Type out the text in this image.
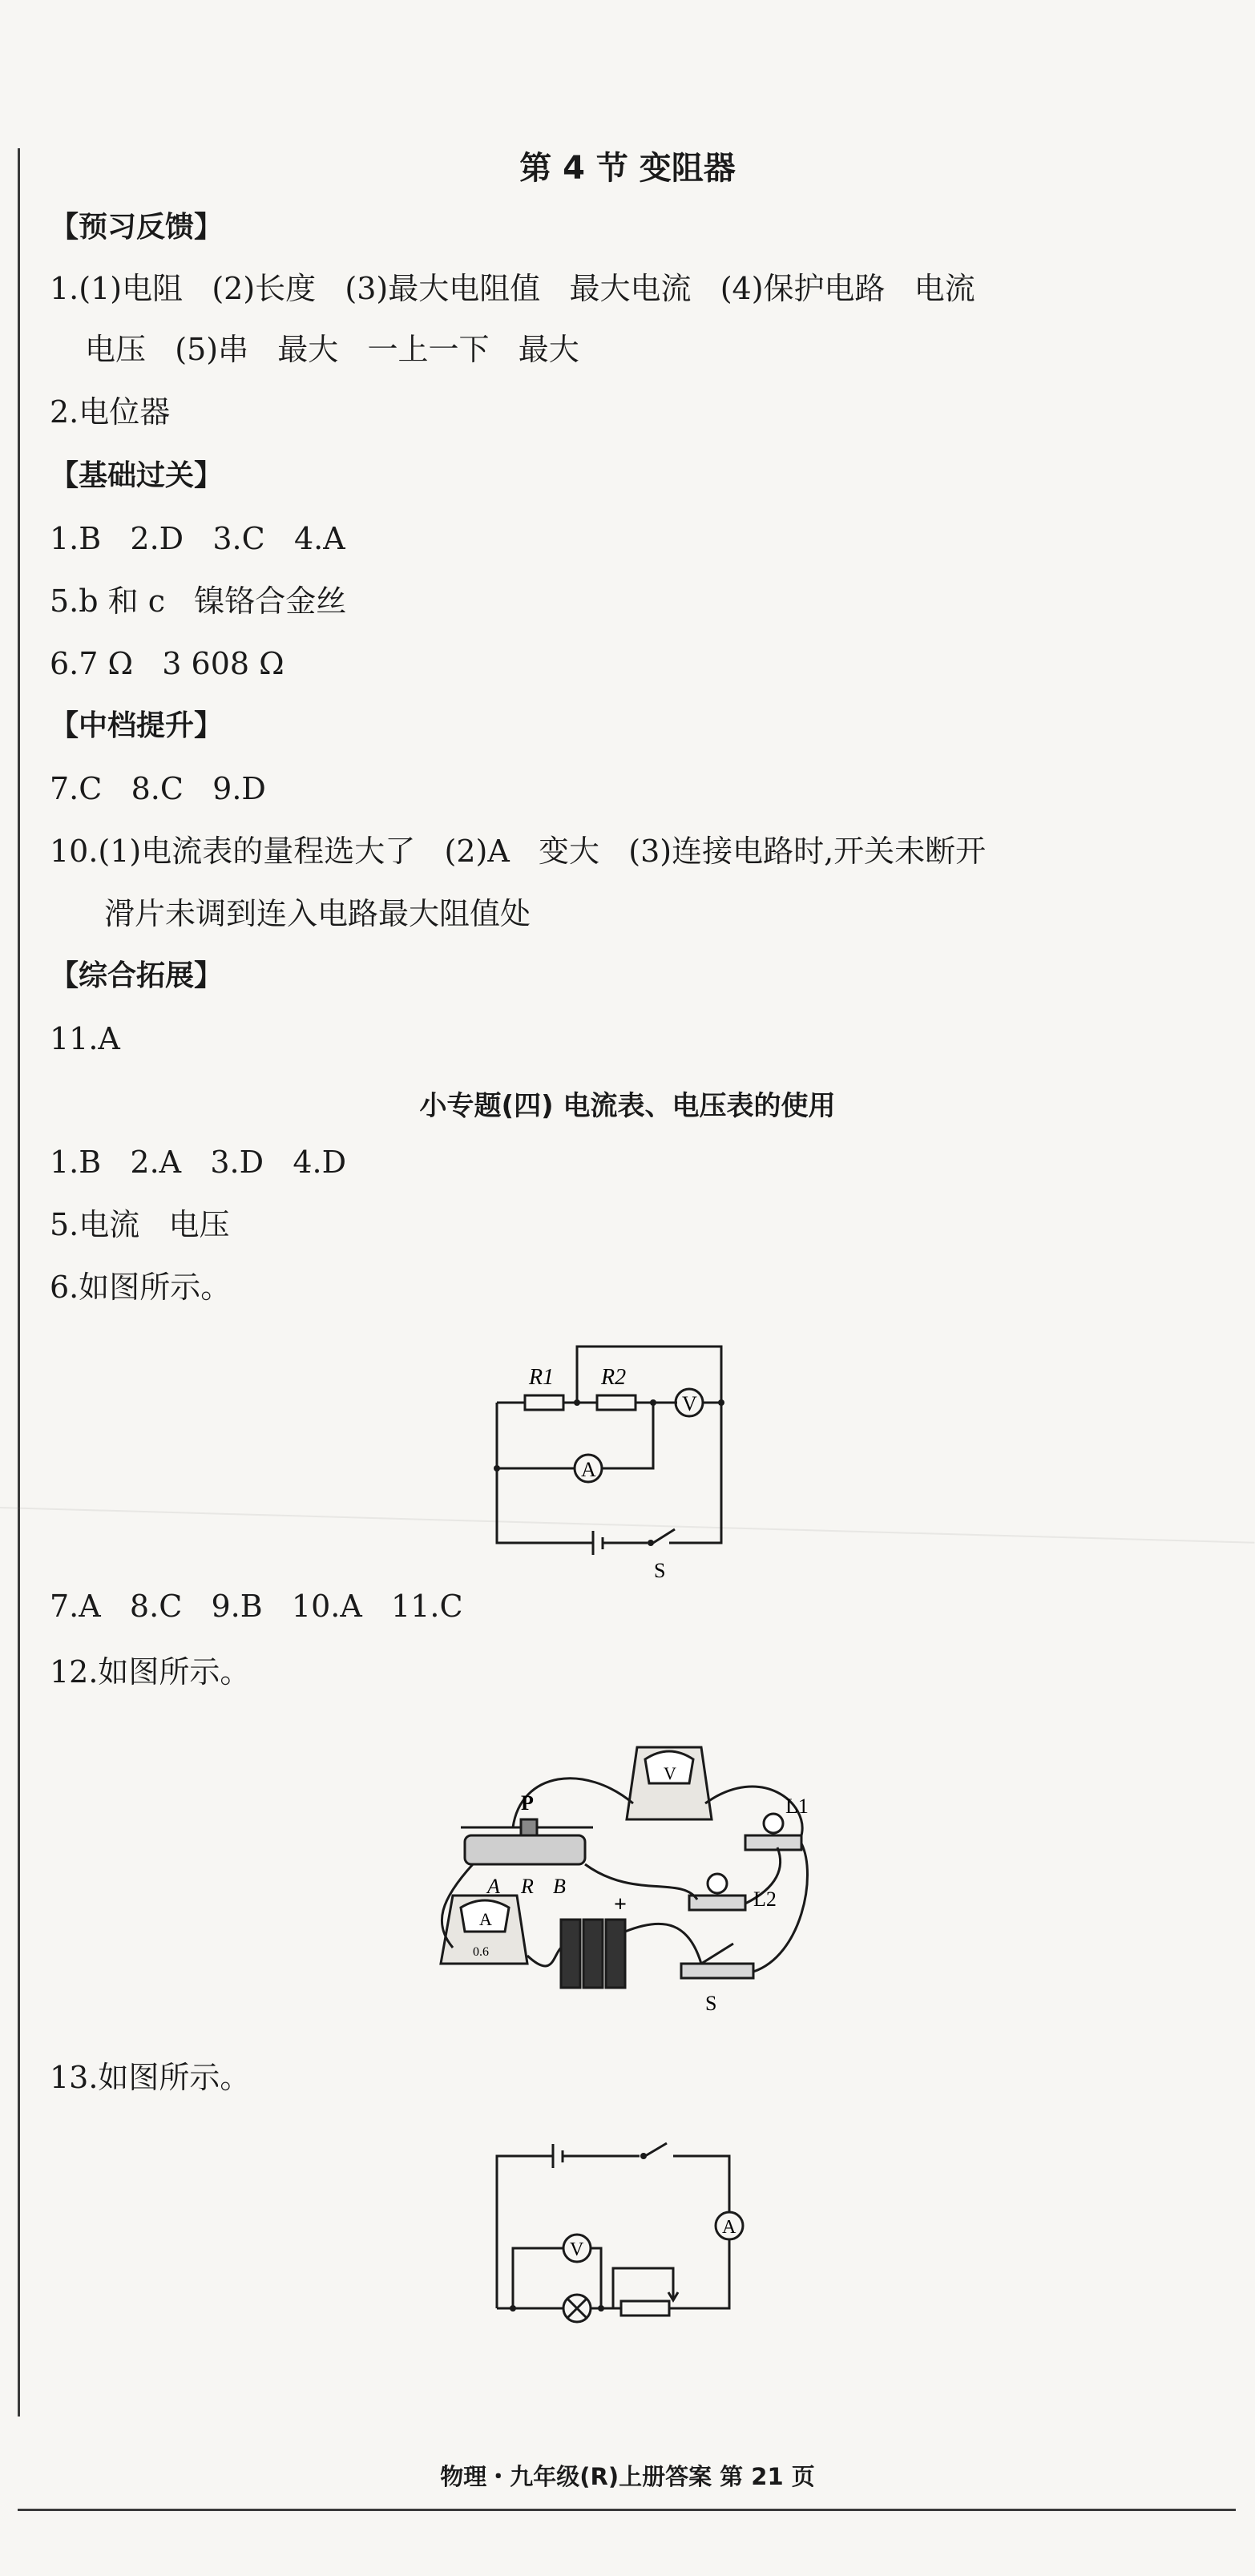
第 4 节 变阻器
【预习反馈】
1.(1)电阻   (2)长度   (3)最大电阻值   最大电流   (4)保护电路   电流
电压   (5)串   最大   一上一下   最大
2.电位器
【基础过关】
1.B   2.D   3.C   4.A
5.b 和 c   镍铬合金丝
6.7 Ω   3 608 Ω
【中档提升】
7.C   8.C   9.D
10.(1)电流表的量程选大了   (2)A   变大   (3)连接电路时,开关未断开
滑片未调到连入电路最大阻值处
【综合拓展】
11.A
小专题(四) 电流表、电压表的使用
1.B   2.A   3.D   4.D
5.电流   电压
6.如图所示。
R1 R2
V
A
S
7.A   8.C   9.B   10.A   11.C
12.如图所示。
P
A R B
V
L1
L2
S
A
0.6
+
13.如图所示。
V
A
物理・九年级(R)上册答案 第 21 页
